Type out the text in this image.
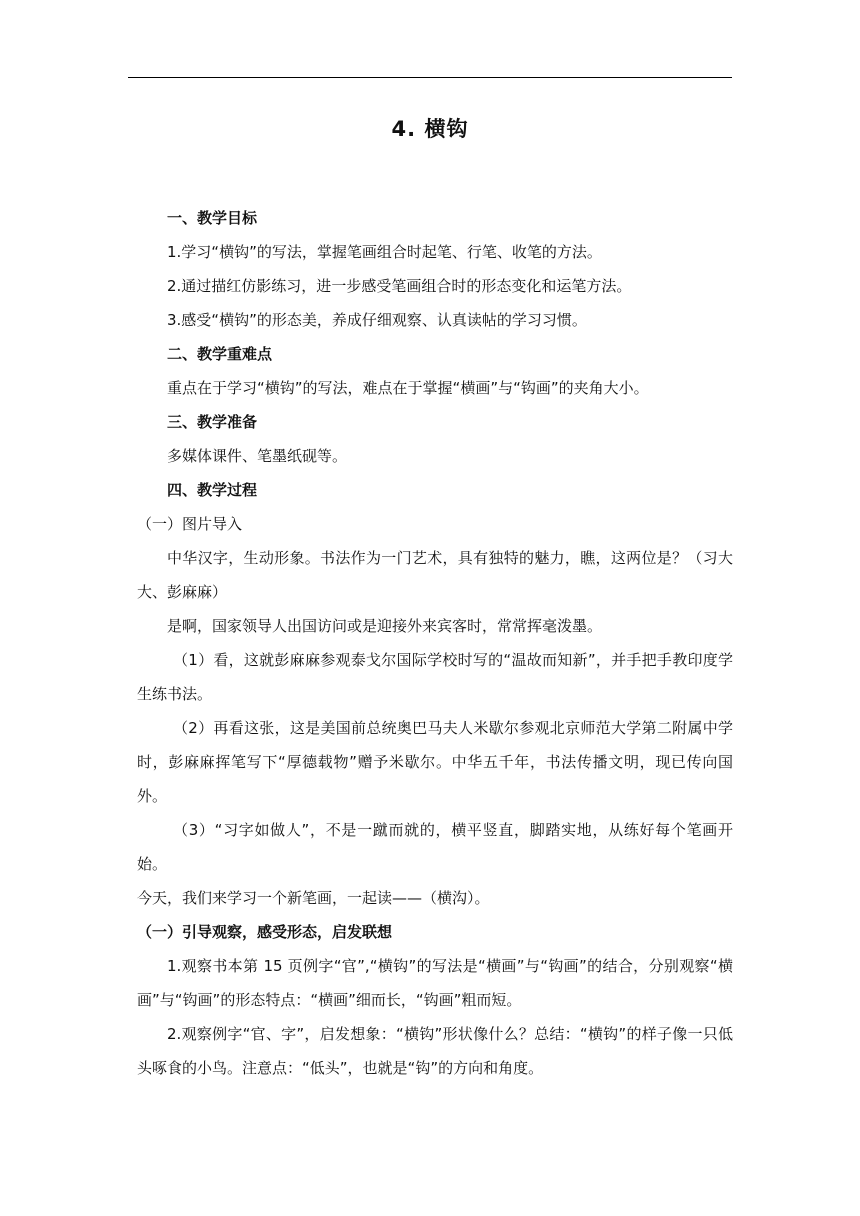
4. 横钩

一、教学目标

1.学习“横钩”的写法，掌握笔画组合时起笔、行笔、收笔的方法。

2.通过描红仿影练习，进一步感受笔画组合时的形态变化和运笔方法。

3.感受“横钩”的形态美，养成仔细观察、认真读帖的学习习惯。

二、教学重难点

重点在于学习“横钩”的写法，难点在于掌握“横画”与“钩画”的夹角大小。

三、教学准备

多媒体课件、笔墨纸砚等。

四、教学过程

（一）图片导入

中华汉字，生动形象。书法作为一门艺术，具有独特的魅力，瞧，这两位是？（习大大、彭麻麻）

是啊，国家领导人出国访问或是迎接外来宾客时，常常挥毫泼墨。

（1）看，这就彭麻麻参观泰戈尔国际学校时写的“温故而知新”，并手把手教印度学生练书法。

（2）再看这张，这是美国前总统奥巴马夫人米歇尔参观北京师范大学第二附属中学时，彭麻麻挥笔写下“厚德载物”赠予米歇尔。中华五千年，书法传播文明，现已传向国外。

（3）“习字如做人”，不是一蹴而就的，横平竖直，脚踏实地，从练好每个笔画开始。

今天，我们来学习一个新笔画，一起读——（横沟）。

（一）引导观察，感受形态，启发联想

1.观察书本第 15 页例字“官”,“横钩”的写法是“横画”与“钩画”的结合，分别观察“横画”与“钩画”的形态特点：“横画”细而长，“钩画”粗而短。

2.观察例字“官、字”，启发想象：“横钩”形状像什么？总结：“横钩”的样子像一只低头啄食的小鸟。注意点：“低头”，也就是“钩”的方向和角度。
